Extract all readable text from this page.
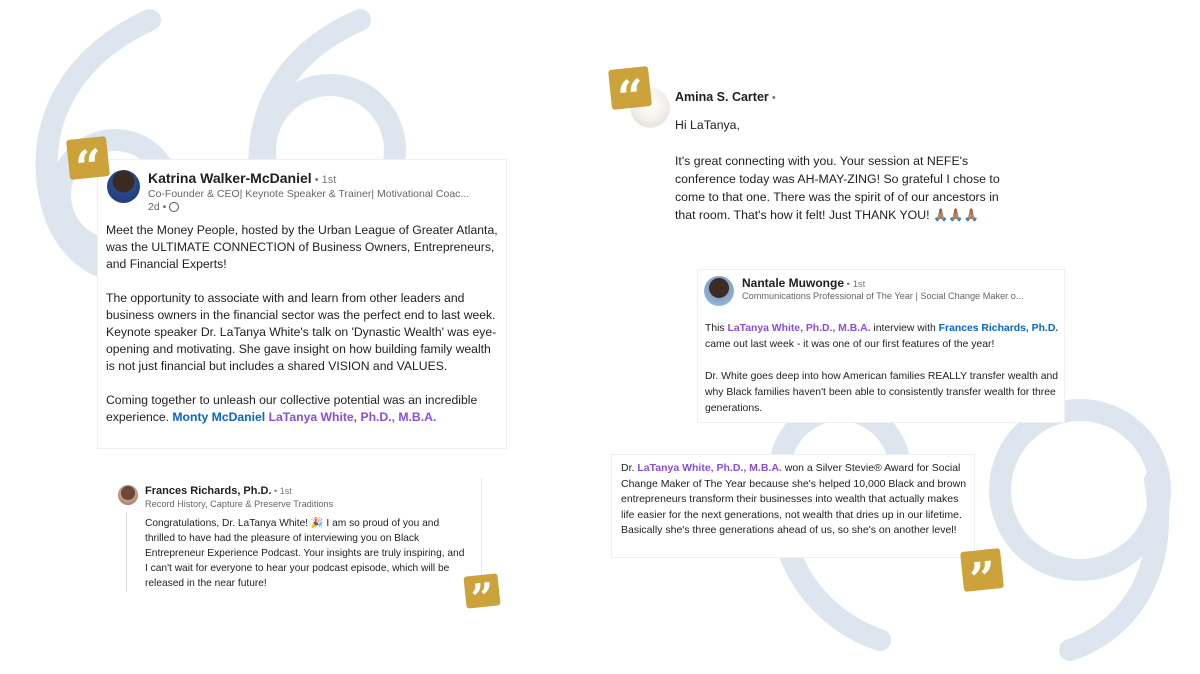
Katrina Walker-McDaniel • 1st
Co-Founder & CEO| Keynote Speaker & Trainer| Motivational Coac...
2d •

Meet the Money People, hosted by the Urban League of Greater Atlanta, was the ULTIMATE CONNECTION of Business Owners, Entrepreneurs, and Financial Experts!

The opportunity to associate with and learn from other leaders and business owners in the financial sector was the perfect end to last week. Keynote speaker Dr. LaTanya White's talk on 'Dynastic Wealth' was eye-opening and motivating. She gave insight on how building family wealth is not just financial but includes a shared VISION and VALUES.

Coming together to unleash our collective potential was an incredible experience. Monty McDaniel LaTanya White, Ph.D., M.B.A.

“
Frances Richards, Ph.D. • 1st
Record History, Capture & Preserve Traditions
Congratulations, Dr. LaTanya White! 🎉 I am so proud of you and thrilled to have had the pleasure of interviewing you on Black Entrepreneur Experience Podcast. Your insights are truly inspiring, and I can't wait for everyone to hear your podcast episode, which will be released in the near future!	”
Amina S. Carter •

Hi LaTanya,

It's great connecting with you. Your session at NEFE's conference today was AH-MAY-ZING! So grateful I chose to come to that one. There was the spirit of of our ancestors in that room. That's how it felt! Just THANK YOU! 🙏🏽🙏🏽🙏🏽

“
Nantale Muwonge • 1st
Communications Professional of The Year | Social Change Maker o...

This LaTanya White, Ph.D., M.B.A. interview with Frances Richards, Ph.D. came out last week - it was one of our first features of the year!

Dr. White goes deep into how American families REALLY transfer wealth and why Black families haven't been able to consistently transfer wealth for three generations.

Dr. LaTanya White, Ph.D., M.B.A. won a Silver Stevie® Award for Social Change Maker of The Year because she's helped 10,000 Black and brown entrepreneurs transform their businesses into wealth that actually makes life easier for the next generations, not wealth that dries up in our lifetime. Basically she's three generations ahead of us, so she's on another level!
”
